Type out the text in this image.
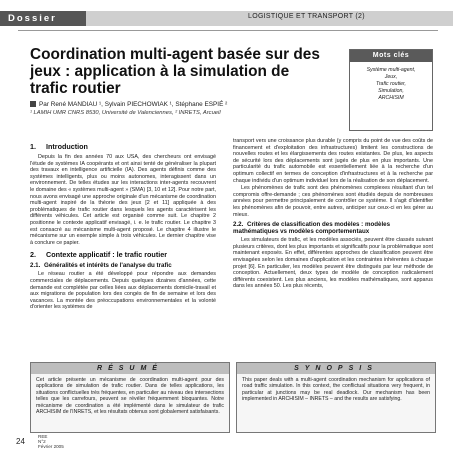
Dossier	LOGISTIQUE ET TRANSPORT (2)
Coordination multi-agent basée sur des jeux : application à la simulation de trafic routier
Par René MANDIAU ¹, Sylvain PIECHOWIAK ¹, Stéphane ESPIÉ ²
¹ LAMIH UMR CNRS 8530, Université de Valenciennes, ² INRETS, Arcueil
Mots clés
Système multi-agent,
Jeux,
Trafic routier,
Simulation,
ARCHISIM
1. Introduction

Depuis la fin des années 70 aux USA, des chercheurs ont envisagé l'étude de systèmes IA coopérants et ont ainsi tenté de généraliser la plupart des travaux en intelligence artificielle (IA). Des agents définis comme des systèmes intelligents, plus ou moins autonomes, interagissent dans un environnement. De telles études sur les interactions inter-agents recouvrent le domaine des « systèmes multi-agent » (SMA) [3, 10 et 12]. Pour notre part, nous avons envisagé une approche originale d'un mécanisme de coordination multi-agent inspiré de la théorie des jeux [2 et 11] appliquée à des problématiques de trafic routier dans lesquels les agents caractérisent les différents véhicules. Cet article est organisé comme suit. Le chapitre 2 positionne le contexte applicatif envisagé, i. e. le trafic routier. Le chapitre 3 est consacré au mécanisme multi-agent proposé. Le chapitre 4 illustre le mécanisme sur un exemple simple à trois véhicules. Le dernier chapitre vise à conclure ce papier.

2. Contexte applicatif : le trafic routier
2.1. Généralités et intérêts de l'analyse du trafic

Le réseau routier a été développé pour répondre aux demandes commerciales de déplacements. Depuis quelques dizaines d'années, cette demande est complétée par celles liées aux déplacements domicile-travail et aux migrations de population lors des congés de fin de semaine et lors des vacances. La montée des préoccupations environnementales et la volonté d'orienter les systèmes de

transport vers une croissance plus durable (y compris du point de vue des coûts de financement et d'exploitation des infrastructures) limitent les constructions de nouvelles routes et les élargissements des routes existantes. De plus, les aspects de sécurité lors des déplacements sont jugés de plus en plus importants. Une particularité du trafic automobile est essentiellement liée à la recherche d'un optimum collectif en termes de conception d'infrastructures et à la recherche par chaque individu d'un optimum individuel lors de la réalisation de son déplacement.

Les phénomènes de trafic sont des phénomènes complexes résultant d'un tel compromis offre-demande ; ces phénomènes sont étudiés depuis de nombreuses années pour permettre principalement de contrôler ce système. Il s'agit d'identifier les phénomènes afin de pouvoir, entre autres, anticiper sur ceux-ci en les gérer au mieux.

2.2. Critères de classification des modèles : modèles mathématiques vs modèles comportementaux

Les simulateurs de trafic, et les modèles associés, peuvent être classés suivant plusieurs critères, dont les plus importants et significatifs pour la problématique sont maintenant exposés. En effet, différentes approches de classification peuvent être envisagées selon les domaines d'application et les contraintes inhérentes à chaque projet [6]. En particulier, les modèles peuvent être distingués par leur méthode de conception. Actuellement, deux types de modèle de conception radicalement différents coexistent. Les plus anciens, les modèles mathématiques, sont apparus dans les années 50. Les plus récents,

RÉSUMÉ

Cet article présente un mécanisme de coordination multi-agent pour des applications de simulation de trafic routier. Dans de telles applications, les situations conflictuelles très fréquentes, en particulier au niveau des intersections telles que les carrefours, peuvent se révéler fréquemment bloquantes. Notre mécanisme de coordination a été implémenté dans le simulateur de trafic ARCHISIM de l'INRETS, et les résultats obtenus sont globalement satisfaisants.

SYNOPSIS

This paper deals with a multi-agent coordination mechanism for applications of road traffic simulation. In this context, the conflictual situations very frequent, in particular at junctions may be real deadlock. Our mechanism has been implemented in ARCHISIM – INRETS – and the results are satisfying.

24
REE
N°2
Février 2005
